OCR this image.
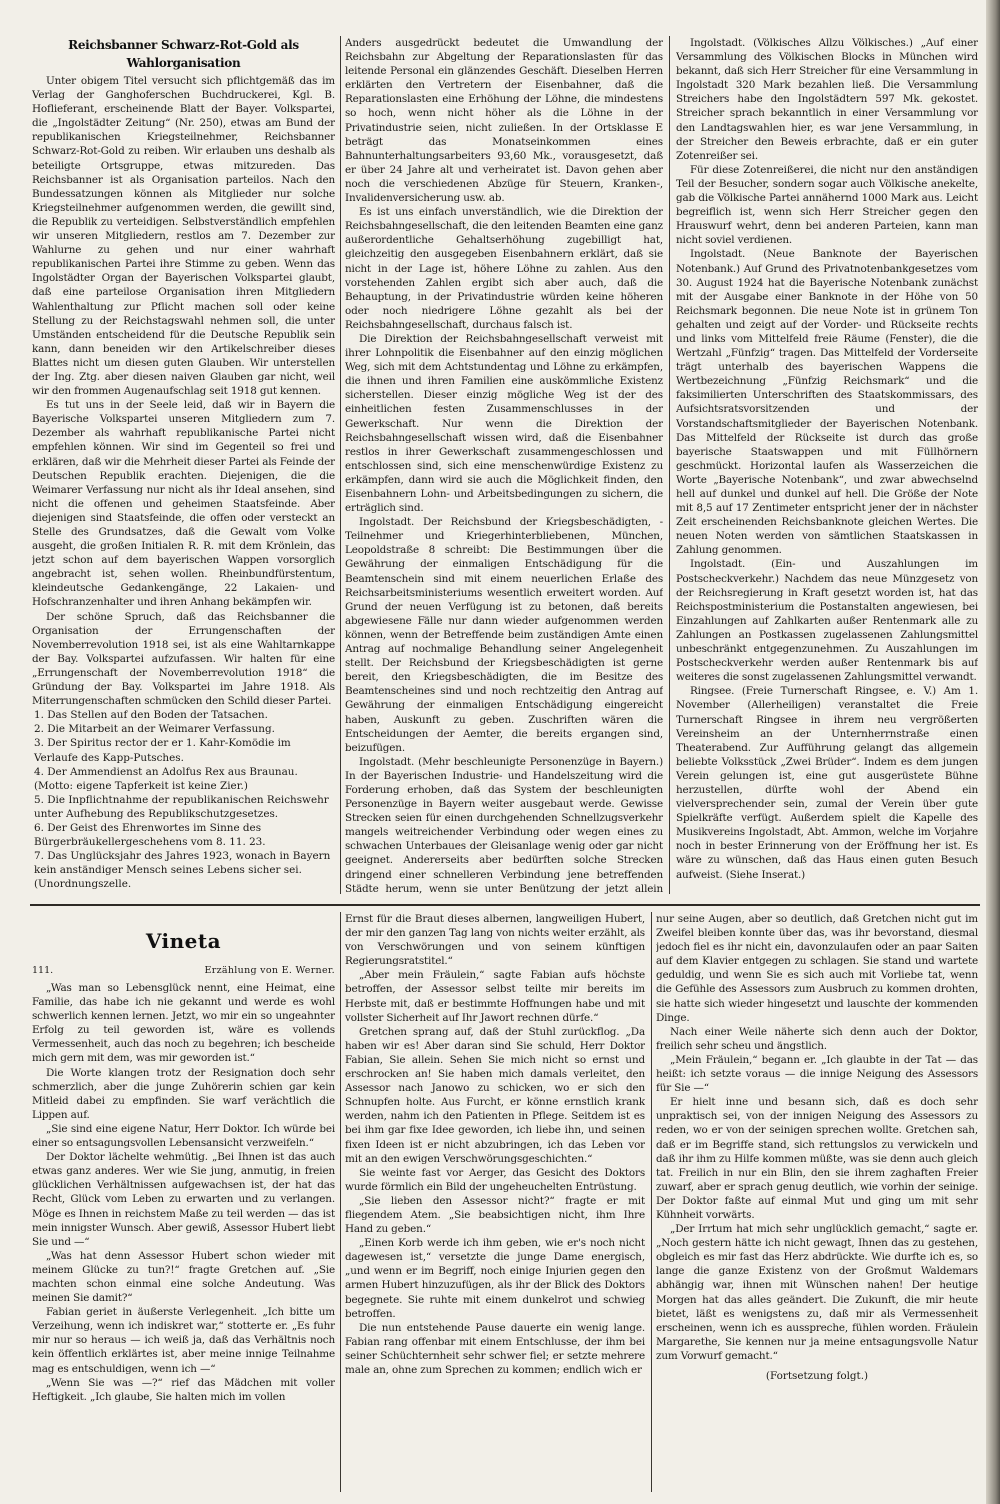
Reichsbanner Schwarz-Rot-Gold als Wahlorganisation

Unter obigem Titel versucht sich pflichtgemäß das im Verlag der Ganghoferschen Buchdruckerei, Kgl. B. Hoflieferant, erscheinende Blatt der Bayer. Volkspartei, die „Ingolstädter Zeitung“ (Nr. 250), etwas am Bund der republikanischen Kriegsteilnehmer, Reichsbanner Schwarz-Rot-Gold zu reiben. Wir erlauben uns deshalb als beteiligte Ortsgruppe, etwas mitzureden. Das Reichsbanner ist als Organisation parteilos. Nach den Bundessatzungen können als Mitglieder nur solche Kriegsteilnehmer aufgenommen werden, die gewillt sind, die Republik zu verteidigen. Selbstverständlich empfehlen wir unseren Mitgliedern, restlos am 7. Dezember zur Wahlurne zu gehen und nur einer wahrhaft republikanischen Partei ihre Stimme zu geben. Wenn das Ingolstädter Organ der Bayerischen Volkspartei glaubt, daß eine parteilose Organisation ihren Mitgliedern Wahlenthaltung zur Pflicht machen soll oder keine Stellung zu der Reichstagswahl nehmen soll, die unter Umständen entscheidend für die Deutsche Republik sein kann, dann beneiden wir den Artikelschreiber dieses Blattes nicht um diesen guten Glauben. Wir unterstellen der Ing. Ztg. aber diesen naiven Glauben gar nicht, weil wir den frommen Augenaufschlag seit 1918 gut kennen.

Es tut uns in der Seele leid, daß wir in Bayern die Bayerische Volkspartei unseren Mitgliedern zum 7. Dezember als wahrhaft republikanische Partei nicht empfehlen können. Wir sind im Gegenteil so frei und erklären, daß wir die Mehrheit dieser Partei als Feinde der Deutschen Republik erachten. Diejenigen, die die Weimarer Verfassung nur nicht als ihr Ideal ansehen, sind nicht die offenen und geheimen Staatsfeinde. Aber diejenigen sind Staatsfeinde, die offen oder versteckt an Stelle des Grundsatzes, daß die Gewalt vom Volke ausgeht, die großen Initialen R. R. mit dem Krönlein, das jetzt schon auf dem bayerischen Wappen vorsorglich angebracht ist, sehen wollen. Rheinbundfürstentum, kleindeutsche Gedankengänge, 22 Lakaien- und Hofschranzenhalter und ihren Anhang bekämpfen wir.

Der schöne Spruch, daß das Reichsbanner die Organisation der Errungenschaften der Novemberrevolution 1918 sei, ist als eine Wahltarnkappe der Bay. Volkspartei aufzufassen. Wir halten für eine „Errungenschaft der Novemberrevolution 1918“ die Gründung der Bay. Volkspartei im Jahre 1918. Als Miterrungenschaften schmücken den Schild dieser Partei.

1. Das Stellen auf den Boden der Tatsachen.
2. Die Mitarbeit an der Weimarer Verfassung.
3. Der Spiritus rector der er 1. Kahr-Komödie im Verlaufe des Kapp-Putsches.
4. Der Ammendienst an Adolfus Rex aus Braunau. (Motto: eigene Tapferkeit ist keine Zier.)
5. Die Inpflichtnahme der republikanischen Reichswehr unter Aufhebung des Republikschutzgesetzes.
6. Der Geist des Ehrenwortes im Sinne des Bürgerbräukellergeschehens vom 8. 11. 23.
7. Das Unglücksjahr des Jahres 1923, wonach in Bayern kein anständiger Mensch seines Lebens sicher sei. (Unordnungszelle.

Anders ausgedrückt bedeutet die Umwandlung der Reichsbahn zur Abgeltung der Reparationslasten für das leitende Personal ein glänzendes Geschäft. Dieselben Herren erklärten den Vertretern der Eisenbahner, daß die Reparationslasten eine Erhöhung der Löhne, die mindestens so hoch, wenn nicht höher als die Löhne in der Privatindustrie seien, nicht zuließen. In der Ortsklasse E beträgt das Monatseinkommen eines Bahnunterhaltungsarbeiters 93,60 Mk., vorausgesetzt, daß er über 24 Jahre alt und verheiratet ist. Davon gehen aber noch die verschiedenen Abzüge für Steuern, Kranken-, Invalidenversicherung usw. ab.

Es ist uns einfach unverständlich, wie die Direktion der Reichsbahngesellschaft, die den leitenden Beamten eine ganz außerordentliche Gehaltserhöhung zugebilligt hat, gleichzeitig den ausgegeben Eisenbahnern erklärt, daß sie nicht in der Lage ist, höhere Löhne zu zahlen. Aus den vorstehenden Zahlen ergibt sich aber auch, daß die Behauptung, in der Privatindustrie würden keine höheren oder noch niedrigere Löhne gezahlt als bei der Reichsbahngesellschaft, durchaus falsch ist.

Die Direktion der Reichsbahngesellschaft verweist mit ihrer Lohnpolitik die Eisenbahner auf den einzig möglichen Weg, sich mit dem Achtstundentag und Löhne zu erkämpfen, die ihnen und ihren Familien eine auskömmliche Existenz sicherstellen. Dieser einzig mögliche Weg ist der des einheitlichen festen Zusammenschlusses in der Gewerkschaft. Nur wenn die Direktion der Reichsbahngesellschaft wissen wird, daß die Eisenbahner restlos in ihrer Gewerkschaft zusammengeschlossen und entschlossen sind, sich eine menschenwürdige Existenz zu erkämpfen, dann wird sie auch die Möglichkeit finden, den Eisenbahnern Lohn- und Arbeitsbedingungen zu sichern, die erträglich sind.

Ingolstadt. Der Reichsbund der Kriegsbeschädigten, -Teilnehmer und Kriegerhinterbliebenen, München, Leopoldstraße 8 schreibt: Die Bestimmungen über die Gewährung der einmaligen Entschädigung für die Beamtenschein sind mit einem neuerlichen Erlaße des Reichsarbeitsministeriums wesentlich erweitert worden. Auf Grund der neuen Verfügung ist zu betonen, daß bereits abgewiesene Fälle nur dann wieder aufgenommen werden können, wenn der Betreffende beim zuständigen Amte einen Antrag auf nochmalige Behandlung seiner Angelegenheit stellt. Der Reichsbund der Kriegsbeschädigten ist gerne bereit, den Kriegsbeschädigten, die im Besitze des Beamtenscheines sind und noch rechtzeitig den Antrag auf Gewährung der einmaligen Entschädigung eingereicht haben, Auskunft zu geben. Zuschriften wären die Entscheidungen der Aemter, die bereits ergangen sind, beizufügen.

Ingolstadt. (Mehr beschleunigte Personenzüge in Bayern.) In der Bayerischen Industrie- und Handelszeitung wird die Forderung erhoben, daß das System der beschleunigten Personenzüge in Bayern weiter ausgebaut werde. Gewisse Strecken seien für einen durchgehenden Schnellzugsverkehr mangels weitreichender Verbindung oder wegen eines zu schwachen Unterbaues der Gleisanlage wenig oder gar nicht geeignet. Andererseits aber bedürften solche Strecken dringend einer schnelleren Verbindung jene betreffenden Städte herum, wenn sie unter Benützung der jetzt allein

Ingolstadt. (Völkisches Allzu Völkisches.) „Auf einer Versammlung des Völkischen Blocks in München wird bekannt, daß sich Herr Streicher für eine Versammlung in Ingolstadt 320 Mark bezahlen ließ. Die Versammlung Streichers habe den Ingolstädtern 597 Mk. gekostet. Streicher sprach bekanntlich in einer Versammlung vor den Landtagswahlen hier, es war jene Versammlung, in der Streicher den Beweis erbrachte, daß er ein guter Zotenreißer sei.

Für diese Zotenreißerei, die nicht nur den anständigen Teil der Besucher, sondern sogar auch Völkische anekelte, gab die Völkische Partei annähernd 1000 Mark aus. Leicht begreiflich ist, wenn sich Herr Streicher gegen den Hrauswurf wehrt, denn bei anderen Parteien, kann man nicht soviel verdienen.

Ingolstadt. (Neue Banknote der Bayerischen Notenbank.) Auf Grund des Privatnotenbankgesetzes vom 30. August 1924 hat die Bayerische Notenbank zunächst mit der Ausgabe einer Banknote in der Höhe von 50 Reichsmark begonnen. Die neue Note ist in grünem Ton gehalten und zeigt auf der Vorder- und Rückseite rechts und links vom Mittelfeld freie Räume (Fenster), die die Wertzahl „Fünfzig“ tragen. Das Mittelfeld der Vorderseite trägt unterhalb des bayerischen Wappens die Wertbezeichnung „Fünfzig Reichsmark“ und die faksimilierten Unterschriften des Staatskommissars, des Aufsichtsratsvorsitzenden und der Vorstandschaftsmitglieder der Bayerischen Notenbank. Das Mittelfeld der Rückseite ist durch das große bayerische Staatswappen und mit Füllhörnern geschmückt. Horizontal laufen als Wasserzeichen die Worte „Bayerische Notenbank“, und zwar abwechselnd hell auf dunkel und dunkel auf hell. Die Größe der Note mit 8,5 auf 17 Zentimeter entspricht jener der in nächster Zeit erscheinenden Reichsbanknote gleichen Wertes. Die neuen Noten werden von sämtlichen Staatskassen in Zahlung genommen.

Ingolstadt. (Ein- und Auszahlungen im Postscheckverkehr.) Nachdem das neue Münzgesetz von der Reichsregierung in Kraft gesetzt worden ist, hat das Reichspostministerium die Postanstalten angewiesen, bei Einzahlungen auf Zahlkarten außer Rentenmark alle zu Zahlungen an Postkassen zugelassenen Zahlungsmittel unbeschränkt entgegenzunehmen. Zu Auszahlungen im Postscheckverkehr werden außer Rentenmark bis auf weiteres die sonst zugelassenen Zahlungsmittel verwandt.

Ringsee. (Freie Turnerschaft Ringsee, e. V.) Am 1. November (Allerheiligen) veranstaltet die Freie Turnerschaft Ringsee in ihrem neu vergrößerten Vereinsheim an der Unternherrnstraße einen Theaterabend. Zur Aufführung gelangt das allgemein beliebte Volksstück „Zwei Brüder“. Indem es dem jungen Verein gelungen ist, eine gut ausgerüstete Bühne herzustellen, dürfte wohl der Abend ein vielversprechender sein, zumal der Verein über gute Spielkräfte verfügt. Außerdem spielt die Kapelle des Musikvereins Ingolstadt, Abt. Ammon, welche im Vorjahre noch in bester Erinnerung von der Eröffnung her ist. Es wäre zu wünschen, daß das Haus einen guten Besuch aufweist. (Siehe Inserat.)

Vineta
111.	Erzählung von E. Werner.

„Was man so Lebensglück nennt, eine Heimat, eine Familie, das habe ich nie gekannt und werde es wohl schwerlich kennen lernen. Jetzt, wo mir ein so ungeahnter Erfolg zu teil geworden ist, wäre es vollends Vermessenheit, auch das noch zu begehren; ich bescheide mich gern mit dem, was mir geworden ist.“

Die Worte klangen trotz der Resignation doch sehr schmerzlich, aber die junge Zuhörerin schien gar kein Mitleid dabei zu empfinden. Sie warf verächtlich die Lippen auf.

„Sie sind eine eigene Natur, Herr Doktor. Ich würde bei einer so entsagungsvollen Lebensansicht verzweifeln.“

Der Doktor lächelte wehmütig. „Bei Ihnen ist das auch etwas ganz anderes. Wer wie Sie jung, anmutig, in freien glücklichen Verhältnissen aufgewachsen ist, der hat das Recht, Glück vom Leben zu erwarten und zu verlangen. Möge es Ihnen in reichstem Maße zu teil werden — das ist mein innigster Wunsch. Aber gewiß, Assessor Hubert liebt Sie und —“

„Was hat denn Assessor Hubert schon wieder mit meinem Glücke zu tun?!“ fragte Gretchen auf. „Sie machten schon einmal eine solche Andeutung. Was meinen Sie damit?“

Fabian geriet in äußerste Verlegenheit. „Ich bitte um Verzeihung, wenn ich indiskret war,“ stotterte er. „Es fuhr mir nur so heraus — ich weiß ja, daß das Verhältnis noch kein öffentlich erklärtes ist, aber meine innige Teilnahme mag es entschuldigen, wenn ich —“

„Wenn Sie was —?“ rief das Mädchen mit voller Heftigkeit. „Ich glaube, Sie halten mich im vollen

Ernst für die Braut dieses albernen, langweiligen Hubert, der mir den ganzen Tag lang von nichts weiter erzählt, als von Verschwörungen und von seinem künftigen Regierungsratstitel.“

„Aber mein Fräulein,“ sagte Fabian aufs höchste betroffen, der Assessor selbst teilte mir bereits im Herbste mit, daß er bestimmte Hoffnungen habe und mit vollster Sicherheit auf Ihr Jawort rechnen dürfe.“

Gretchen sprang auf, daß der Stuhl zurückflog. „Da haben wir es! Aber daran sind Sie schuld, Herr Doktor Fabian, Sie allein. Sehen Sie mich nicht so ernst und erschrocken an! Sie haben mich damals verleitet, den Assessor nach Janowo zu schicken, wo er sich den Schnupfen holte. Aus Furcht, er könne ernstlich krank werden, nahm ich den Patienten in Pflege. Seitdem ist es bei ihm gar fixe Idee geworden, ich liebe ihn, und seinen fixen Ideen ist er nicht abzubringen, ich das Leben vor mit an den ewigen Verschwörungsgeschichten.“

Sie weinte fast vor Aerger, das Gesicht des Doktors wurde förmlich ein Bild der ungeheuchelten Entrüstung.

„Sie lieben den Assessor nicht?“ fragte er mit fliegendem Atem. „Sie beabsichtigen nicht, ihm Ihre Hand zu geben.“

„Einen Korb werde ich ihm geben, wie er's noch nicht dagewesen ist,“ versetzte die junge Dame energisch, „und wenn er im Begriff, noch einige Injurien gegen den armen Hubert hinzuzufügen, als ihr der Blick des Doktors begegnete. Sie ruhte mit einem dunkelrot und schwieg betroffen.

Die nun entstehende Pause dauerte ein wenig lange. Fabian rang offenbar mit einem Entschlusse, der ihm bei seiner Schüchternheit sehr schwer fiel; er setzte mehrere male an, ohne zum Sprechen zu kommen; endlich wich er

nur seine Augen, aber so deutlich, daß Gretchen nicht gut im Zweifel bleiben konnte über das, was ihr bevorstand, diesmal jedoch fiel es ihr nicht ein, davonzulaufen oder an paar Saiten auf dem Klavier entgegen zu schlagen. Sie stand und wartete geduldig, und wenn Sie es sich auch mit Vorliebe tat, wenn die Gefühle des Assessors zum Ausbruch zu kommen drohten, sie hatte sich wieder hingesetzt und lauschte der kommenden Dinge.

Nach einer Weile näherte sich denn auch der Doktor, freilich sehr scheu und ängstlich.

„Mein Fräulein,“ begann er. „Ich glaubte in der Tat — das heißt: ich setzte voraus — die innige Neigung des Assessors für Sie —“

Er hielt inne und besann sich, daß es doch sehr unpraktisch sei, von der innigen Neigung des Assessors zu reden, wo er von der seinigen sprechen wollte. Gretchen sah, daß er im Begriffe stand, sich rettungslos zu verwickeln und daß ihr ihm zu Hilfe kommen müßte, was sie denn auch gleich tat. Freilich in nur ein Blin, den sie ihrem zaghaften Freier zuwarf, aber er sprach genug deutlich, wie vorhin der seinige. Der Doktor faßte auf einmal Mut und ging um mit sehr Kühnheit vorwärts.

„Der Irrtum hat mich sehr unglücklich gemacht,“ sagte er. „Noch gestern hätte ich nicht gewagt, Ihnen das zu gestehen, obgleich es mir fast das Herz abdrückte. Wie durfte ich es, so lange die ganze Existenz von der Großmut Waldemars abhängig war, ihnen mit Wünschen nahen! Der heutige Morgen hat das alles geändert. Die Zukunft, die mir heute bietet, läßt es wenigstens zu, daß mir als Vermessenheit erscheinen, wenn ich es ausspreche, fühlen worden. Fräulein Margarethe, Sie kennen nur ja meine entsagungsvolle Natur zum Vorwurf gemacht.“

(Fortsetzung folgt.)
